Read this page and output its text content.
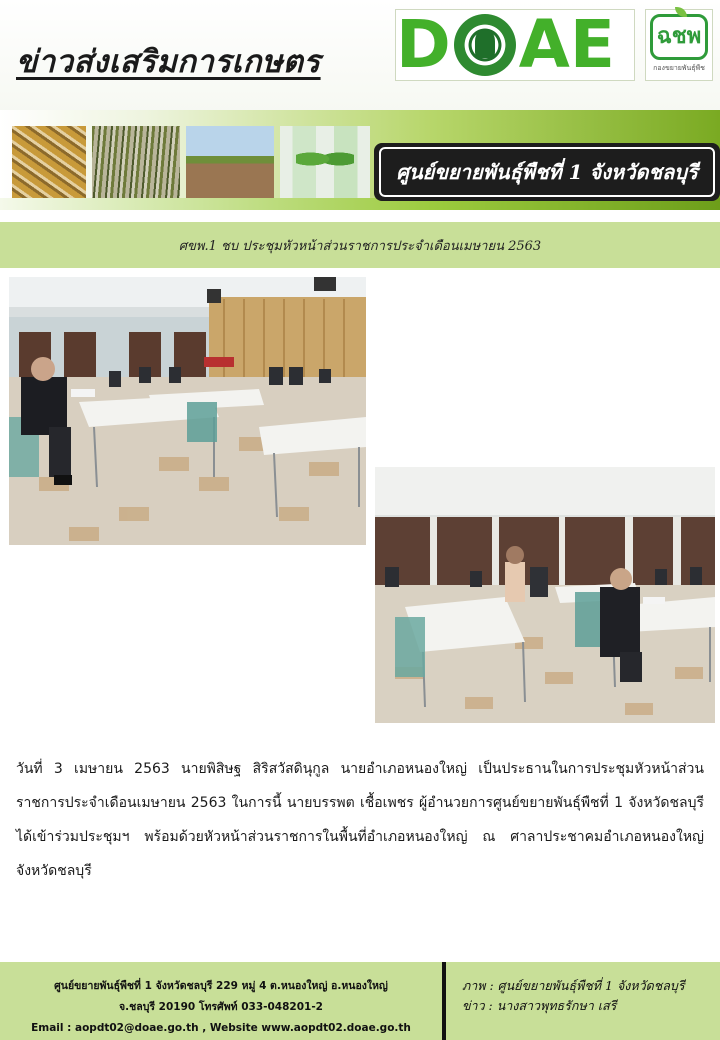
ข่าวส่งเสริมการเกษตร D A E	ฉชพ
กองขยายพันธุ์พืช
ศูนย์ขยายพันธุ์พืชที่ 1 จังหวัดชลบุรี
ศขพ.1 ชบ ประชุมหัวหน้าส่วนราชการประจำเดือนเมษายน 2563

วันที่ 3 เมษายน 2563 นายพิสิษฐ สิริสวัสดินุกูล นายอำเภอหนองใหญ่ เป็นประธานในการประชุมหัวหน้าส่วนราชการประจำเดือนเมษายน 2563 ในการนี้ นายบรรพต เชื้อเพชร ผู้อำนวยการศูนย์ขยายพันธุ์พืชที่ 1 จังหวัดชลบุรี ได้เข้าร่วมประชุมฯ พร้อมด้วยหัวหน้าส่วนราชการในพื้นที่อำเภอหนองใหญ่ ณ ศาลาประชาคมอำเภอหนองใหญ่ จังหวัดชลบุรี

ศูนย์ขยายพันธุ์พืชที่ 1 จังหวัดชลบุรี 229 หมู่ 4 ต.หนองใหญ่ อ.หนองใหญ่
จ.ชลบุรี 20190 โทรศัพท์ 033-048201-2
Email : aopdt02@doae.go.th , Website www.aopdt02.doae.go.th
ภาพ : ศูนย์ขยายพันธุ์พืชที่ 1 จังหวัดชลบุรี
ข่าว : นางสาวพุทธรักษา เสรี
